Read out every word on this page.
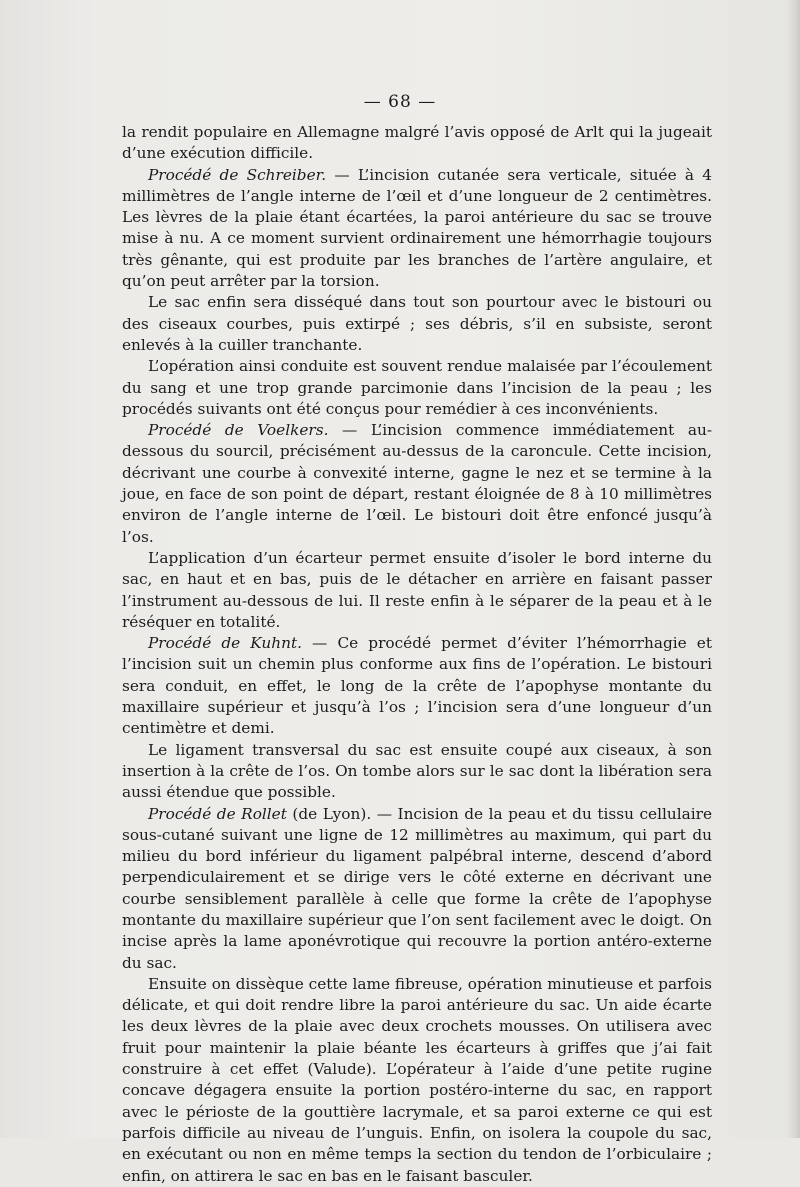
— 68 —

la rendit populaire en Allemagne malgré l’avis opposé de Arlt qui la jugeait d’une exécution difficile.

Procédé de Schreiber. — L’incision cutanée sera verticale, située à 4 millimètres de l’angle interne de l’œil et d’une longueur de 2 centimètres. Les lèvres de la plaie étant écartées, la paroi antérieure du sac se trouve mise à nu. A ce moment survient ordinairement une hémorrhagie toujours très gênante, qui est produite par les branches de l’artère angulaire, et qu’on peut arrêter par la torsion.

Le sac enfin sera disséqué dans tout son pourtour avec le bistouri ou des ciseaux courbes, puis extirpé ; ses débris, s’il en subsiste, seront enlevés à la cuiller tranchante.

L’opération ainsi conduite est souvent rendue malaisée par l’écoulement du sang et une trop grande parcimonie dans l’incision de la peau ; les procédés suivants ont été conçus pour remédier à ces inconvénients.

Procédé de Voelkers. — L’incision commence immédiatement au-dessous du sourcil, précisément au-dessus de la caroncule. Cette incision, décrivant une courbe à convexité interne, gagne le nez et se termine à la joue, en face de son point de départ, restant éloignée de 8 à 10 millimètres environ de l’angle interne de l’œil. Le bistouri doit être enfoncé jusqu’à l’os.

L’application d’un écarteur permet ensuite d’isoler le bord interne du sac, en haut et en bas, puis de le détacher en arrière en faisant passer l’instrument au-dessous de lui. Il reste enfin à le séparer de la peau et à le réséquer en totalité.

Procédé de Kuhnt. — Ce procédé permet d’éviter l’hémorrhagie et l’incision suit un chemin plus conforme aux fins de l’opération. Le bistouri sera conduit, en effet, le long de la crête de l’apophyse montante du maxillaire supérieur et jusqu’à l’os ; l’incision sera d’une longueur d’un centimètre et demi.

Le ligament transversal du sac est ensuite coupé aux ciseaux, à son insertion à la crête de l’os. On tombe alors sur le sac dont la libération sera aussi étendue que possible.

Procédé de Rollet (de Lyon). — Incision de la peau et du tissu cellulaire sous-cutané suivant une ligne de 12 millimètres au maximum, qui part du milieu du bord inférieur du ligament palpébral interne, descend d’abord perpendiculairement et se dirige vers le côté externe en décrivant une courbe sensiblement parallèle à celle que forme la crête de l’apophyse montante du maxillaire supérieur que l’on sent facilement avec le doigt. On incise après la lame aponévrotique qui recouvre la portion antéro-externe du sac.

Ensuite on dissèque cette lame fibreuse, opération minutieuse et parfois délicate, et qui doit rendre libre la paroi antérieure du sac. Un aide écarte les deux lèvres de la plaie avec deux crochets mousses. On utilisera avec fruit pour maintenir la plaie béante les écarteurs à griffes que j’ai fait construire à cet effet (Valude). L’opérateur à l’aide d’une petite rugine concave dégagera ensuite la portion postéro-interne du sac, en rapport avec le périoste de la gouttière lacrymale, et sa paroi externe ce qui est parfois difficile au niveau de l’unguis. Enfin, on isolera la coupole du sac, en exécutant ou non en même temps la section du tendon de l’orbiculaire ; enfin, on attirera le sac en bas en le faisant basculer.
